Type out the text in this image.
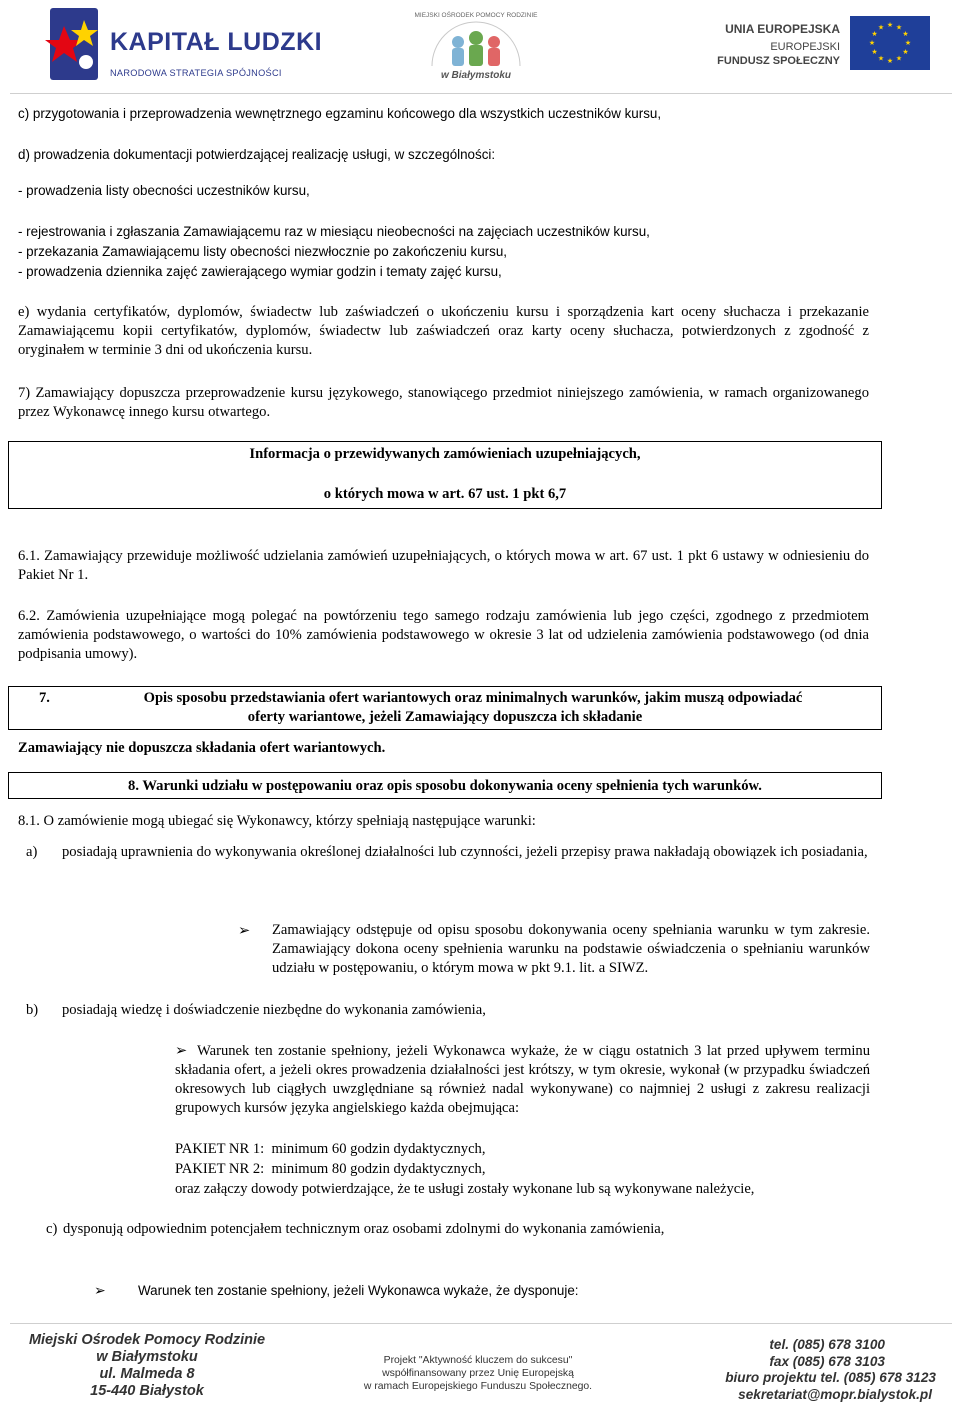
KAPITAŁ LUDZKI
NARODOWA STRATEGIA SPÓJNOŚCI
MIEJSKI OŚRODEK POMOCY RODZINIE
w Białymstoku
UNIA EUROPEJSKA
EUROPEJSKI
FUNDUSZ SPOŁECZNY
★ ★
★
★
★
★
★
★
★
★
★
★
c) przygotowania i przeprowadzenia wewnętrznego egzaminu końcowego dla wszystkich uczestników kursu,
d) prowadzenia dokumentacji potwierdzającej realizację usługi, w szczególności:
- prowadzenia listy obecności uczestników kursu,
- rejestrowania i zgłaszania Zamawiającemu raz w miesiącu nieobecności na zajęciach uczestników kursu,
- przekazania Zamawiającemu listy obecności niezwłocznie po zakończeniu kursu,
- prowadzenia dziennika zajęć zawierającego wymiar godzin i tematy zajęć kursu,
e) wydania certyfikatów, dyplomów, świadectw lub zaświadczeń o ukończeniu kursu i sporządzenia kart oceny słuchacza i przekazanie Zamawiającemu kopii certyfikatów, dyplomów, świadectw lub zaświadczeń oraz karty oceny słuchacza, potwierdzonych z zgodność z oryginałem w terminie 3 dni od ukończenia kursu.
7) Zamawiający dopuszcza przeprowadzenie kursu językowego, stanowiącego przedmiot niniejszego zamówienia, w ramach organizowanego przez Wykonawcę innego kursu otwartego.
Informacja o przewidywanych zamówieniach uzupełniających,
o których mowa w art. 67 ust. 1 pkt 6,7
6.1. Zamawiający przewiduje możliwość udzielania zamówień uzupełniających, o których mowa w art. 67 ust. 1 pkt 6 ustawy w odniesieniu do Pakiet Nr 1.
6.2. Zamówienia uzupełniające mogą polegać na powtórzeniu tego samego rodzaju zamówienia lub jego części, zgodnego z przedmiotem zamówienia podstawowego, o wartości do 10% zamówienia podstawowego w okresie 3 lat od udzielenia zamówienia podstawowego (od dnia podpisania umowy).
7.	Opis sposobu przedstawiania ofert wariantowych oraz minimalnych warunków, jakim muszą odpowiadać
oferty wariantowe, jeżeli Zamawiający dopuszcza ich składanie
Zamawiający nie dopuszcza składania ofert wariantowych.
8. Warunki udziału w postępowaniu oraz opis sposobu dokonywania oceny spełnienia tych warunków.
8.1. O zamówienie mogą ubiegać się Wykonawcy, którzy spełniają następujące warunki:
a) posiadają uprawnienia do wykonywania określonej działalności lub czynności, jeżeli przepisy prawa nakładają obowiązek ich posiadania,
➢	Zamawiający odstępuje od opisu sposobu dokonywania oceny spełniania warunku w tym zakresie. Zamawiający dokona oceny spełnienia warunku na podstawie oświadczenia o spełnianiu warunków udziału w postępowaniu, o którym mowa w pkt 9.1. lit. a SIWZ.
b) posiadają wiedzę i doświadczenie niezbędne do wykonania zamówienia,
➢ Warunek ten zostanie spełniony, jeżeli Wykonawca wykaże, że w ciągu ostatnich 3 lat przed upływem terminu składania ofert, a jeżeli okres prowadzenia działalności jest krótszy, w tym okresie, wykonał (w przypadku świadczeń okresowych lub ciągłych uwzględniane są również nadal wykonywane) co najmniej 2 usługi z zakresu realizacji grupowych kursów języka angielskiego każda obejmująca:
PAKIET NR 1:  minimum 60 godzin dydaktycznych,
PAKIET NR 2:  minimum 80 godzin dydaktycznych,
oraz załączy dowody potwierdzające, że te usługi zostały wykonane lub są wykonywane należycie,
c) dysponują odpowiednim potencjałem technicznym oraz osobami zdolnymi do wykonania zamówienia,
➢ Warunek ten zostanie spełniony, jeżeli Wykonawca wykaże, że dysponuje:
Miejski Ośrodek Pomocy Rodzinie
w Białymstoku
ul. Malmeda 8
15-440 Białystok
Projekt "Aktywność kluczem do sukcesu"
współfinansowany przez Unię Europejską
w ramach Europejskiego Funduszu Społecznego.
tel. (085) 678 3100
fax (085) 678 3103
biuro projektu tel. (085) 678 3123
sekretariat@mopr.bialystok.pl
